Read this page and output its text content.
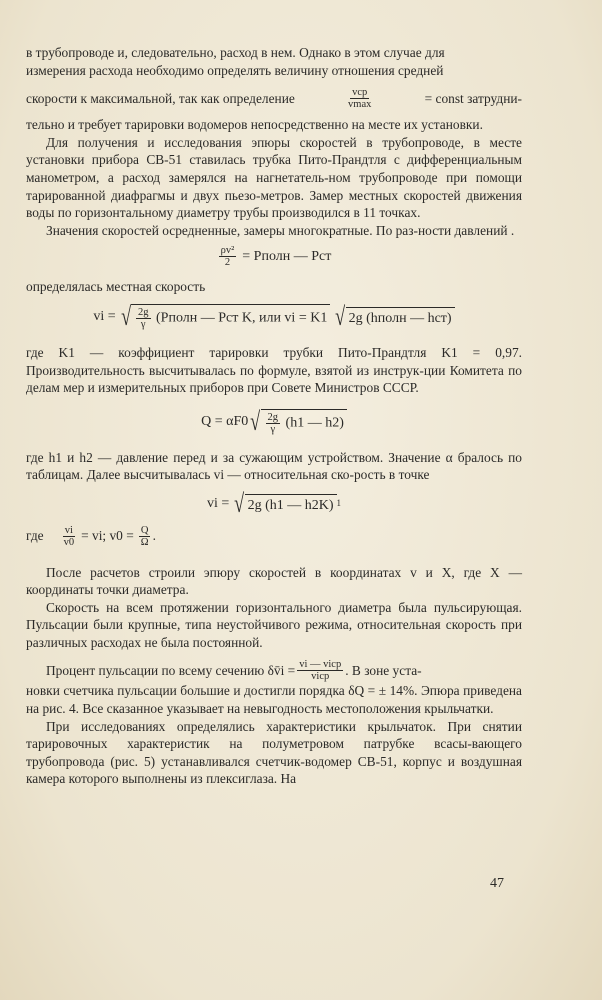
в трубопроводе и, следовательно, расход в нем. Однако в этом случае для

измерения расхода необходимо определять величину отношения средней

скорости к максимальной, так как определение	$\frac{\text{vср}}{vmax}$	= const затрудни-

тельно и требует тарировки водомеров непосредственно на месте их установки.

Для получения и исследования эпюры скоростей в трубопроводе, в месте установки прибора СВ-51 ставилась трубка Пито-Прандтля с дифференциальным манометром, а расход замерялся на нагнетатель-ном трубопроводе при помощи тарированной диафрагмы и двух пьезо-метров. Замер местных скоростей движения воды по горизонтальному диаметру трубы производился в 11 точках.

Значения скоростей осредненные, замеры многократные. По раз-ности давлений .

$\frac{\text{ρv²}}{2}$ = Pполн — Pст

определялась местная скорость

vi = √ $\frac{2g}{\gamma}$ (Pполн — Pст K, или vi = K1 √ 2g (hполн — hст)

где K1 — коэффициент тарировки трубки Пито-Прандтля K1 = 0,97. Производительность высчитывалась по формуле, взятой из инструк-ции Комитета по делам мер и измерительных приборов при Совете Министров СССР.

Q = αF0 √ $\frac{2g}{\gamma} (h1$ — h2)

где h1 и h2 — давление перед и за сужающим устройством. Значение α бралось по таблицам. Далее высчитывалась vi — относительная ско-рость в точке

vi = √ 2g (h1 — h2K) 1
где $\frac{vi}{v0}$ = vi; $v0 = \frac{Q}{\Omega}$ .

После расчетов строили эпюру скоростей в координатах v и X, где X — координаты точки диаметра.

Скорость на всем протяжении горизонтального диаметра была пульсирующая. Пульсации были крупные, типа неустойчивого режима, относительная скорость при различных расходах не была постоянной.

Процент пульсации по всему сечению δv̄i = $\frac{\text{vi — vicp}}{\text{vicp}}$ . В зоне уста-

новки счетчика пульсации большие и достигли порядка δQ = ± 14%. Эпюра приведена на рис. 4. Все сказанное указывает на невыгодность местоположения крыльчатки.

При исследованиях определялись характеристики крыльчаток. При снятии тарировочных характеристик на полуметровом патрубке всасы-вающего трубопровода (рис. 5) устанавливался счетчик-водомер СВ-51, корпус и воздушная камера которого выполнены из плексиглаза. На

47
